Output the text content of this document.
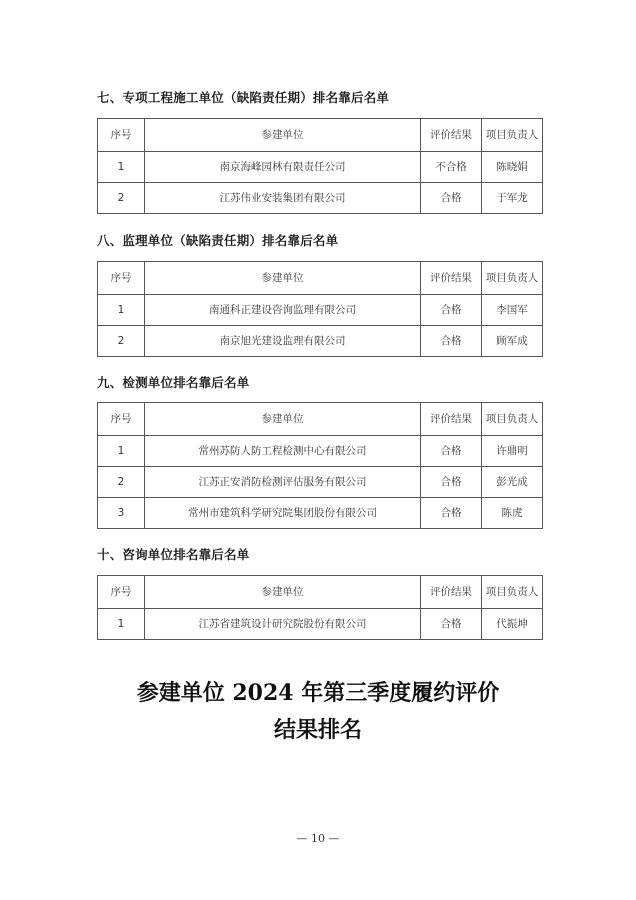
七、专项工程施工单位（缺陷责任期）排名靠后名单
序号	参建单位	评价结果	项目负责人
1	南京海峰园林有限责任公司	不合格	陈晓娟
2	江苏伟业安装集团有限公司	合格	于军龙
八、监理单位（缺陷责任期）排名靠后名单
序号	参建单位	评价结果	项目负责人
1	南通科正建设咨询监理有限公司	合格	李国军
2	南京旭光建设监理有限公司	合格	顾军成
九、检测单位排名靠后名单
序号	参建单位	评价结果	项目负责人
1	常州苏防人防工程检测中心有限公司	合格	许鼎明
2	江苏正安消防检测评估服务有限公司	合格	彭光成
3	常州市建筑科学研究院集团股份有限公司	合格	陈虎
十、咨询单位排名靠后名单
序号	参建单位	评价结果	项目负责人
1	江苏省建筑设计研究院股份有限公司	合格	代振坤
参建单位 2024 年第三季度履约评价
结果排名
— 10 —
